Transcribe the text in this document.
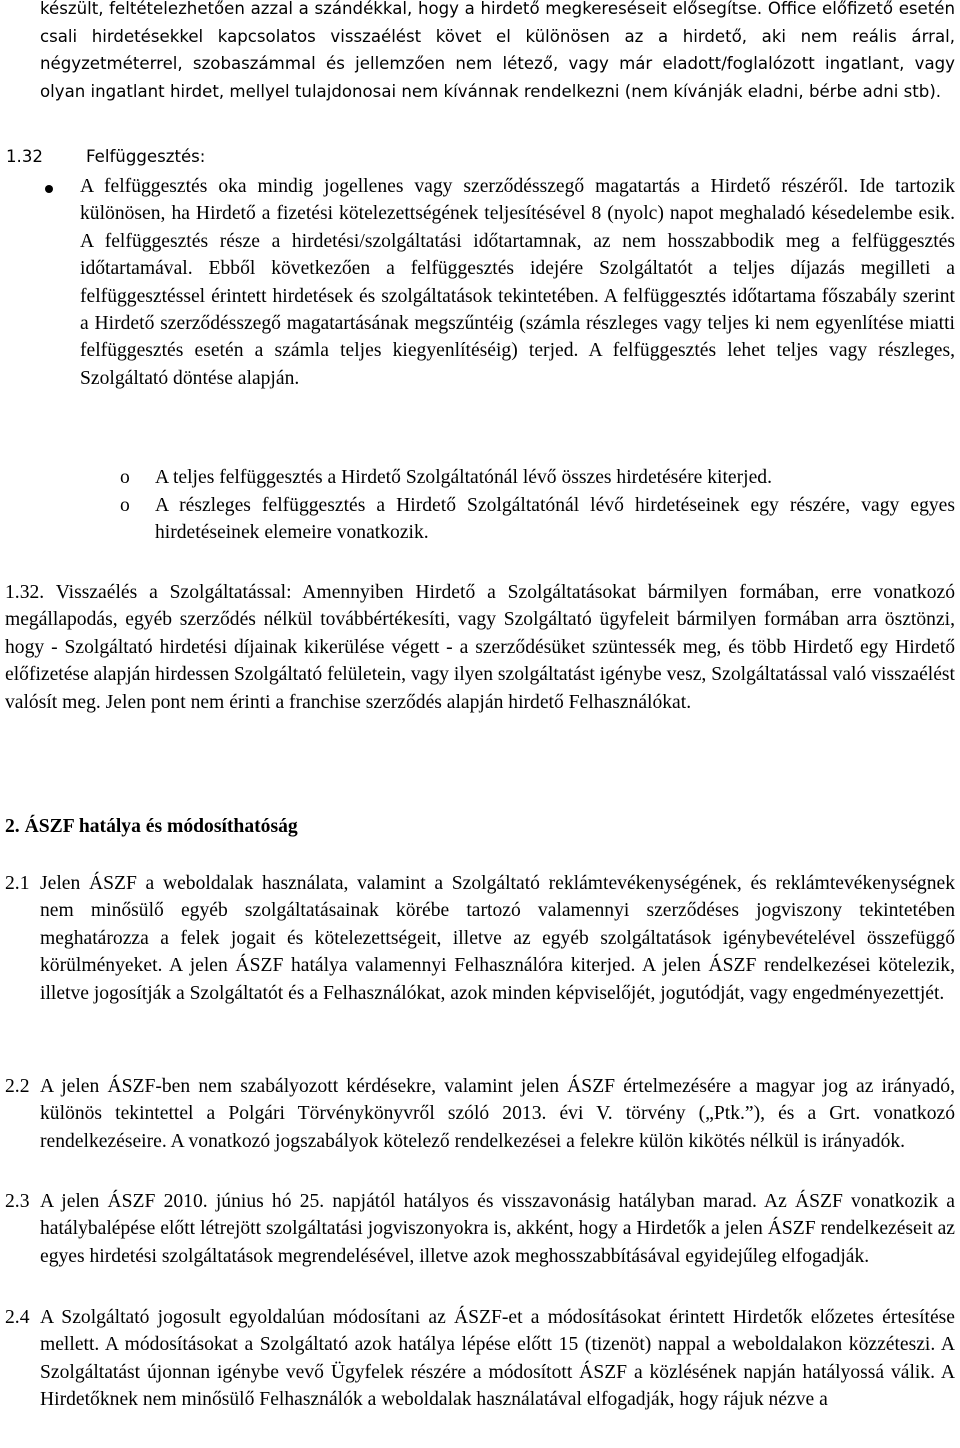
készült, feltételezhetően azzal a szándékkal, hogy a hirdető megkereséseit elősegítse. Office előfizető esetén csali hirdetésekkel kapcsolatos visszaélést követ el különösen az a hirdető, aki nem reális árral, négyzetméterrel, szobaszámmal és jellemzően nem létező, vagy már eladott/foglalózott ingatlant, vagy olyan ingatlant hirdet, mellyel tulajdonosai nem kívánnak rendelkezni (nem kívánják eladni, bérbe adni stb).

1.32	Felfüggesztés:

A felfüggesztés oka mindig jogellenes vagy szerződésszegő magatartás a Hirdető részéről. Ide tartozik különösen, ha Hirdető a fizetési kötelezettségének teljesítésével 8 (nyolc) napot meghaladó késedelembe esik. A felfüggesztés része a hirdetési/szolgáltatási időtartamnak, az nem hosszabbodik meg a felfüggesztés időtartamával. Ebből következően a felfüggesztés idejére Szolgáltatót a teljes díjazás megilleti a felfüggesztéssel érintett hirdetések és szolgáltatások tekintetében. A felfüggesztés időtartama főszabály szerint a Hirdető szerződésszegő magatartásának megszűntéig (számla részleges vagy teljes ki nem egyenlítése miatti felfüggesztés esetén a számla teljes kiegyenlítéséig) terjed. A felfüggesztés lehet teljes vagy részleges, Szolgáltató döntése alapján.

o A teljes felfüggesztés a Hirdető Szolgáltatónál lévő összes hirdetésére kiterjed.

o A részleges felfüggesztés a Hirdető Szolgáltatónál lévő hirdetéseinek egy részére, vagy egyes hirdetéseinek elemeire vonatkozik.

1.32. Visszaélés a Szolgáltatással: Amennyiben Hirdető a Szolgáltatásokat bármilyen formában, erre vonatkozó megállapodás, egyéb szerződés nélkül továbbértékesíti, vagy Szolgáltató ügyfeleit bármilyen formában arra ösztönzi, hogy - Szolgáltató hirdetési díjainak kikerülése végett - a szerződésüket szüntessék meg, és több Hirdető egy Hirdető előfizetése alapján hirdessen Szolgáltató felületein, vagy ilyen szolgáltatást igénybe vesz, Szolgáltatással való visszaélést valósít meg. Jelen pont nem érinti a franchise szerződés alapján hirdető Felhasználókat.

2. ÁSZF hatálya és módosíthatóság

2.1 Jelen ÁSZF a weboldalak használata, valamint a Szolgáltató reklámtevékenységének, és reklámtevékenységnek nem minősülő egyéb szolgáltatásainak körébe tartozó valamennyi szerződéses jogviszony tekintetében meghatározza a felek jogait és kötelezettségeit, illetve az egyéb szolgáltatások igénybevételével összefüggő körülményeket. A jelen ÁSZF hatálya valamennyi Felhasználóra kiterjed. A jelen ÁSZF rendelkezései kötelezik, illetve jogosítják a Szolgáltatót és a Felhasználókat, azok minden képviselőjét, jogutódját, vagy engedményezettjét.

2.2 A jelen ÁSZF-ben nem szabályozott kérdésekre, valamint jelen ÁSZF értelmezésére a magyar jog az irányadó, különös tekintettel a Polgári Törvénykönyvről szóló 2013. évi V. törvény („Ptk.”), és a Grt. vonatkozó rendelkezéseire. A vonatkozó jogszabályok kötelező rendelkezései a felekre külön kikötés nélkül is irányadók.

2.3 A jelen ÁSZF 2010. június hó 25. napjától hatályos és visszavonásig hatályban marad. Az ÁSZF vonatkozik a hatálybalépése előtt létrejött szolgáltatási jogviszonyokra is, akként, hogy a Hirdetők a jelen ÁSZF rendelkezéseit az egyes hirdetési szolgáltatások megrendelésével, illetve azok meghosszabbításával egyidejűleg elfogadják.

2.4 A Szolgáltató jogosult egyoldalúan módosítani az ÁSZF-et a módosításokat érintett Hirdetők előzetes értesítése mellett. A módosításokat a Szolgáltató azok hatálya lépése előtt 15 (tizenöt) nappal a weboldalakon közzéteszi. A Szolgáltatást újonnan igénybe vevő Ügyfelek részére a módosított ÁSZF a közlésének napján hatályossá válik. A Hirdetőknek nem minősülő Felhasználók a weboldalak használatával elfogadják, hogy rájuk nézve a
